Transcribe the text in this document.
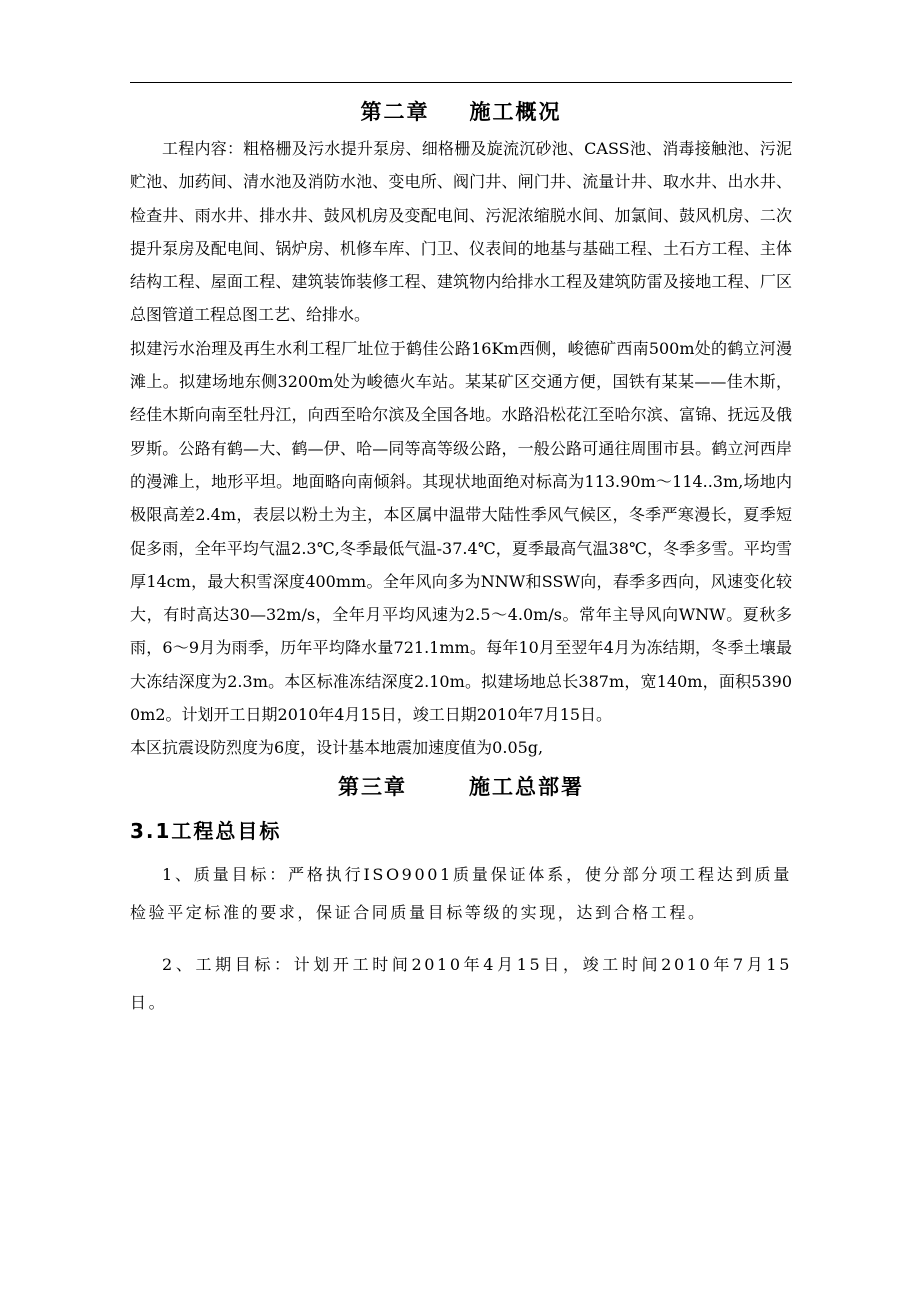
第二章 施工概况

工程内容：粗格栅及污水提升泵房、细格栅及旋流沉砂池、CASS池、消毒接触池、污泥贮池、加药间、清水池及消防水池、变电所、阀门井、闸门井、流量计井、取水井、出水井、检查井、雨水井、排水井、鼓风机房及变配电间、污泥浓缩脱水间、加氯间、鼓风机房、二次提升泵房及配电间、锅炉房、机修车库、门卫、仪表间的地基与基础工程、土石方工程、主体结构工程、屋面工程、建筑装饰装修工程、建筑物内给排水工程及建筑防雷及接地工程、厂区总图管道工程总图工艺、给排水。

拟建污水治理及再生水利工程厂址位于鹤佳公路16Km西侧，峻德矿西南500m处的鹤立河漫滩上。拟建场地东侧3200m处为峻德火车站。某某矿区交通方便，国铁有某某——佳木斯，经佳木斯向南至牡丹江，向西至哈尔滨及全国各地。水路沿松花江至哈尔滨、富锦、抚远及俄罗斯。公路有鹤—大、鹤—伊、哈—同等高等级公路，一般公路可通往周围市县。鹤立河西岸的漫滩上，地形平坦。地面略向南倾斜。其现状地面绝对标高为113.90m～114..3m,场地内极限高差2.4m，表层以粉土为主，本区属中温带大陆性季风气候区，冬季严寒漫长，夏季短促多雨，全年平均气温2.3℃,冬季最低气温-37.4℃，夏季最高气温38℃，冬季多雪。平均雪厚14cm，最大积雪深度400mm。全年风向多为NNW和SSW向，春季多西向，风速变化较大，有时高达30—32m/s，全年月平均风速为2.5～4.0m/s。常年主导风向WNW。夏秋多雨，6～9月为雨季，历年平均降水量721.1mm。每年10月至翌年4月为冻结期，冬季土壤最大冻结深度为2.3m。本区标准冻结深度2.10m。拟建场地总长387m，宽140m，面积53900m2。计划开工日期2010年4月15日，竣工日期2010年7月15日。

本区抗震设防烈度为6度，设计基本地震加速度值为0.05g,

第三章	施工总部署
3.1工程总目标

1、质量目标：严格执行ISO9001质量保证体系，使分部分项工程达到质量检验平定标准的要求，保证合同质量目标等级的实现，达到合格工程。

2、工期目标：计划开工时间2010年4月15日，竣工时间2010年7月15日。
